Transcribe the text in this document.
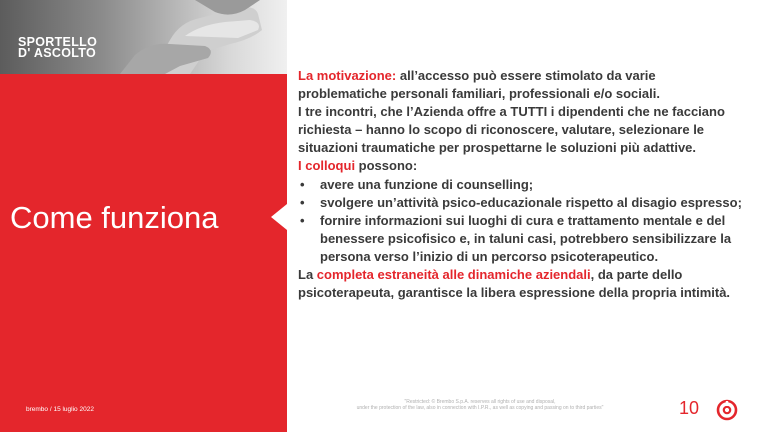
SPORTELLO
D' ASCOLTO
Come funziona
brembo / 15 luglio 2022

La motivazione: all’accesso può essere stimolato da varie problematiche personali familiari, professionali e/o sociali.

I tre incontri, che l’Azienda offre a TUTTI i dipendenti che ne facciano richiesta – hanno lo scopo di riconoscere, valutare, selezionare le situazioni traumatiche per prospettarne le soluzioni più adattive.

I colloqui possono:

• avere una funzione di counselling;
• svolgere un’attività psico-educazionale rispetto al disagio espresso;
• fornire informazioni sui luoghi di cura e trattamento mentale e del benessere psicofisico e, in taluni casi, potrebbero sensibilizzare la persona verso l’inizio di un percorso psicoterapeutico.

La completa estraneità alle dinamiche aziendali, da parte dello psicoterapeuta, garantisce la libera espressione della propria intimità.

"Restricted: © Brembo S.p.A. reserves all rights of use and disposal,
under the protection of the law, also in connection with I.P.R., as well as copying and passing on to third parties"	10
